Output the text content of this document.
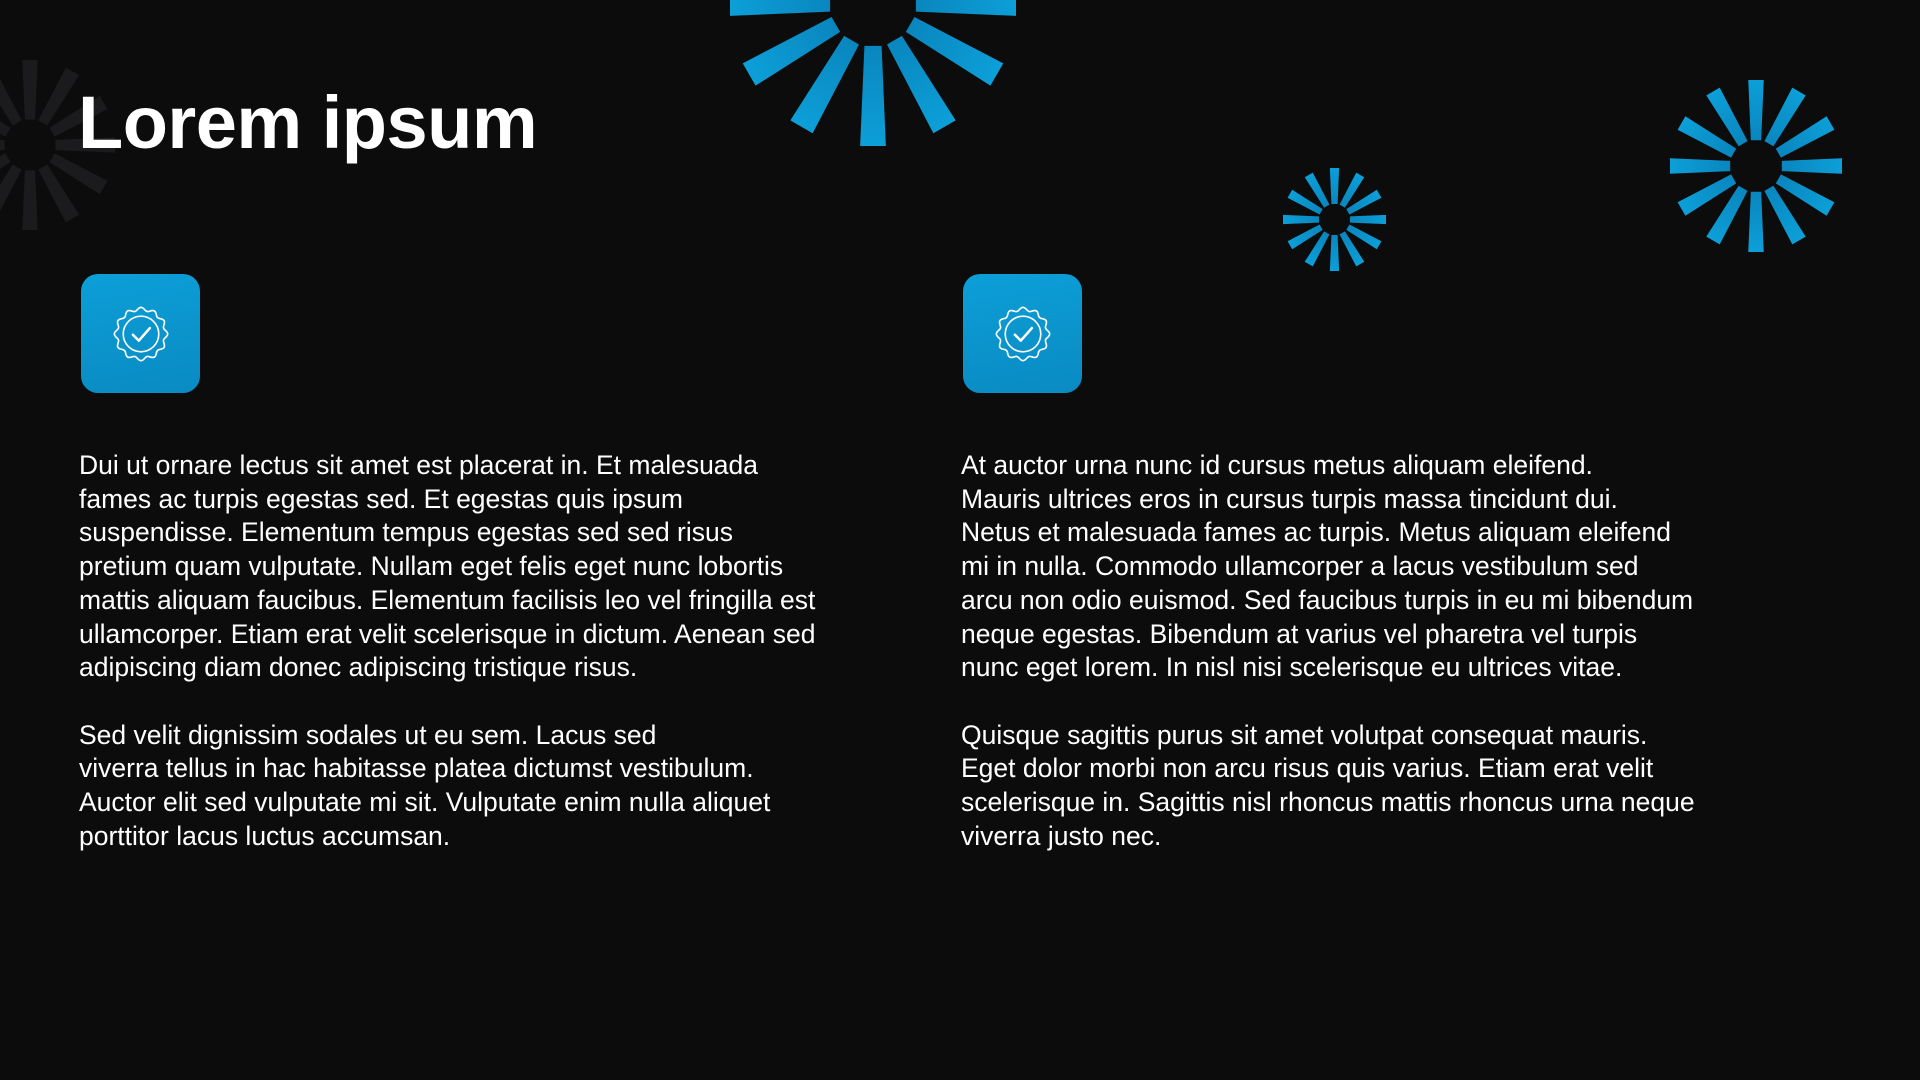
Lorem ipsum

Dui ut ornare lectus sit amet est placerat in. Et malesuada
fames ac turpis egestas sed. Et egestas quis ipsum
suspendisse. Elementum tempus egestas sed sed risus
pretium quam vulputate. Nullam eget felis eget nunc lobortis
mattis aliquam faucibus. Elementum facilisis leo vel fringilla est
ullamcorper. Etiam erat velit scelerisque in dictum. Aenean sed
adipiscing diam donec adipiscing tristique risus.

Sed velit dignissim sodales ut eu sem. Lacus sed
viverra tellus in hac habitasse platea dictumst vestibulum.
Auctor elit sed vulputate mi sit. Vulputate enim nulla aliquet
porttitor lacus luctus accumsan.

At auctor urna nunc id cursus metus aliquam eleifend.
Mauris ultrices eros in cursus turpis massa tincidunt dui.
Netus et malesuada fames ac turpis. Metus aliquam eleifend
mi in nulla. Commodo ullamcorper a lacus vestibulum sed
arcu non odio euismod. Sed faucibus turpis in eu mi bibendum
neque egestas. Bibendum at varius vel pharetra vel turpis
nunc eget lorem. In nisl nisi scelerisque eu ultrices vitae.

Quisque sagittis purus sit amet volutpat consequat mauris.
Eget dolor morbi non arcu risus quis varius. Etiam erat velit
scelerisque in. Sagittis nisl rhoncus mattis rhoncus urna neque
viverra justo nec.
